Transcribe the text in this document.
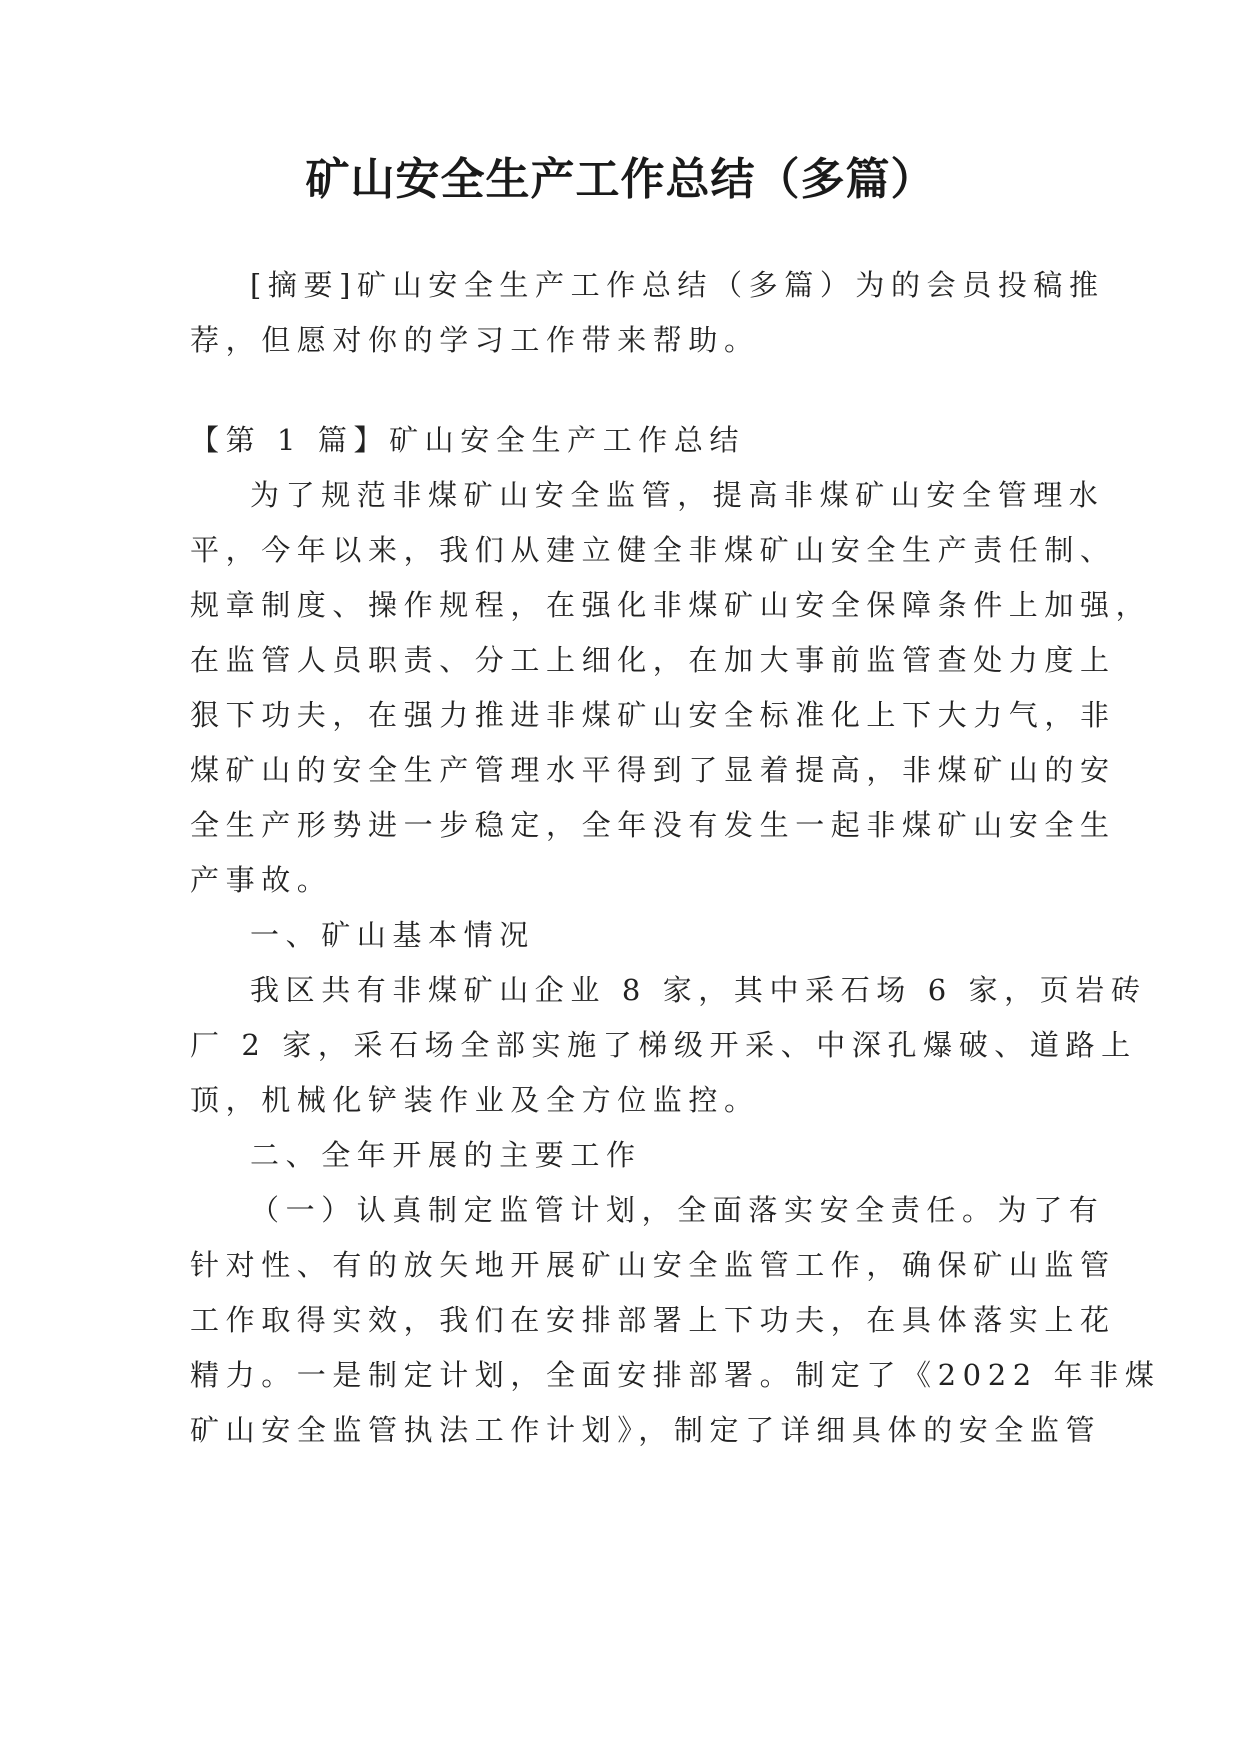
矿山安全生产工作总结（多篇）
[摘要]矿山安全生产工作总结（多篇）为的会员投稿推
荐，但愿对你的学习工作带来帮助。
【第 1 篇】矿山安全生产工作总结
为了规范非煤矿山安全监管，提高非煤矿山安全管理水
平，今年以来，我们从建立健全非煤矿山安全生产责任制、
规章制度、操作规程，在强化非煤矿山安全保障条件上加强，
在监管人员职责、分工上细化，在加大事前监管查处力度上
狠下功夫，在强力推进非煤矿山安全标准化上下大力气，非
煤矿山的安全生产管理水平得到了显着提高，非煤矿山的安
全生产形势进一步稳定，全年没有发生一起非煤矿山安全生
产事故。
一、矿山基本情况
我区共有非煤矿山企业 8 家，其中采石场 6 家，页岩砖
厂 2 家，采石场全部实施了梯级开采、中深孔爆破、道路上
顶，机械化铲装作业及全方位监控。
二、全年开展的主要工作
（一）认真制定监管计划，全面落实安全责任。为了有
针对性、有的放矢地开展矿山安全监管工作，确保矿山监管
工作取得实效，我们在安排部署上下功夫，在具体落实上花
精力。一是制定计划，全面安排部署。制定了《2022 年非煤
矿山安全监管执法工作计划》，制定了详细具体的安全监管
